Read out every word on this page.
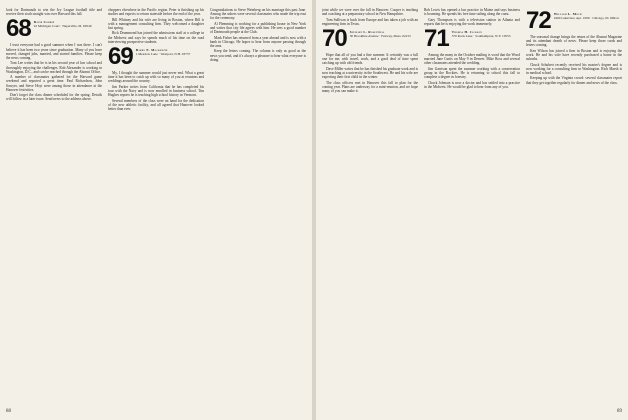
look for Dartmouth to win the Ivy League football title and receive their sixth straight win over Harvard this fall.

68 David Corbin
91 Michigan Court · Naperville, Ill. 60540

I trust everyone had a good summer when I was there. I can't believe it has been two years since graduation. Many of you have moved, changed jobs, married, and started families. Please keep the news coming.

Tom Lee writes that he is in his second year of law school and thoroughly enjoying the challenges. Rob Alexander is working in Washington, D.C., and can be reached through the Alumni Office.

A number of classmates gathered for the Harvard game weekend and reported a great time. Paul Richardson, John Sawyer, and Steve Hoyt were among those in attendance at the Hanover festivities.

Don't forget the class dinner scheduled for the spring. Details will follow in a later issue. Send news to the address above.

choppers elsewhere in the Pacific region. Peter is finishing up his studies and expects to return stateside before the end of the year.

Bill Whitney and his wife are living in Boston, where Bill is with a management consulting firm. They welcomed a daughter last spring.

Rick Drummond has joined the admissions staff at a college in the Midwest and says he spends much of his time on the road interviewing prospective students.

69 Barry E. Mackenzie
1 Meadow Lane · Westport, N.H. 03757

My, I thought the summer would just never end. What a great time it has been to catch up with so many of you at reunions and weddings around the country.

Jim Parker writes from California that he has completed his tour with the Navy and is now enrolled in business school. Tim Hughes reports he is teaching high school history in Vermont.

Several members of the class were on hand for the dedication of the new athletic facility, and all agreed that Hanover looked better than ever.

Congratulations to Steve Weinberg on his marriage this past June. Among the ushers were several classmates who made the trip east for the ceremony.

Al Flemming is working for a publishing house in New York and writes that city life agrees with him. He sees a good number of Dartmouth people at the Club.

Mark Fisher has returned from a year abroad and is now with a bank in Chicago. He hopes to hear from anyone passing through the area.

Keep the letters coming. The column is only as good as the news you send, and it's always a pleasure to hear what everyone is doing.

88

joint while we were over the fall in Hanover. Cooper is teaching and coaching at a preparatory school in New Hampshire.

Tom Sullivan is back from Europe and has taken a job with an engineering firm in Texas.

70 Stewart L. Rosenthal
30 Brookline Avenue · Fenway, Mass. 02215

Hope that all of you had a fine summer. It certainly was a full one for me, with travel, work, and a good deal of time spent catching up with old friends.

Dave Miller writes that he has finished his graduate work and is now teaching at a university in the Southwest. He and his wife are expecting their first child in the winter.

The class officers met in Hanover this fall to plan for the coming year. Plans are underway for a mini-reunion, and we hope many of you can make it.

Bob Lewis has opened a law practice in Maine and says business is booming. He spends his free time sailing along the coast.

Gary Thompson is with a television station in Atlanta and reports that he is enjoying the work immensely.

71 Thomas H. Jackson
370 Rock Lane · Southampton, N.Y. 10553

Among the many in the October mailing is word that the Wood married Jane Curtis on May 9 in Denver. Mike Ross and several other classmates attended the wedding.

Jim Garrison spent the summer working with a conservation group in the Rockies. He is returning to school this fall to complete a degree in forestry.

Chuck Johnson is now a doctor and has settled into a practice in the Midwest. He would be glad to hear from any of you.

72 William L. Moch
2400 Lakeview, Apt. 1006 · Chicago, Ill. 60614

The seasonal change brings the return of the Alumni Magazine and its attendant dearth of news. Please keep those cards and letters coming.

Ken Wilson has joined a firm in Boston and is enjoying the work. He and his wife have recently purchased a home in the suburbs.

Chuck Schubert recently received his master's degree and is now working for a consulting firm in Washington. Rich Marsh is in medical school.

Keeping up with the Virginia crowd: several classmates report that they get together regularly for dinner and news of the class.

89
